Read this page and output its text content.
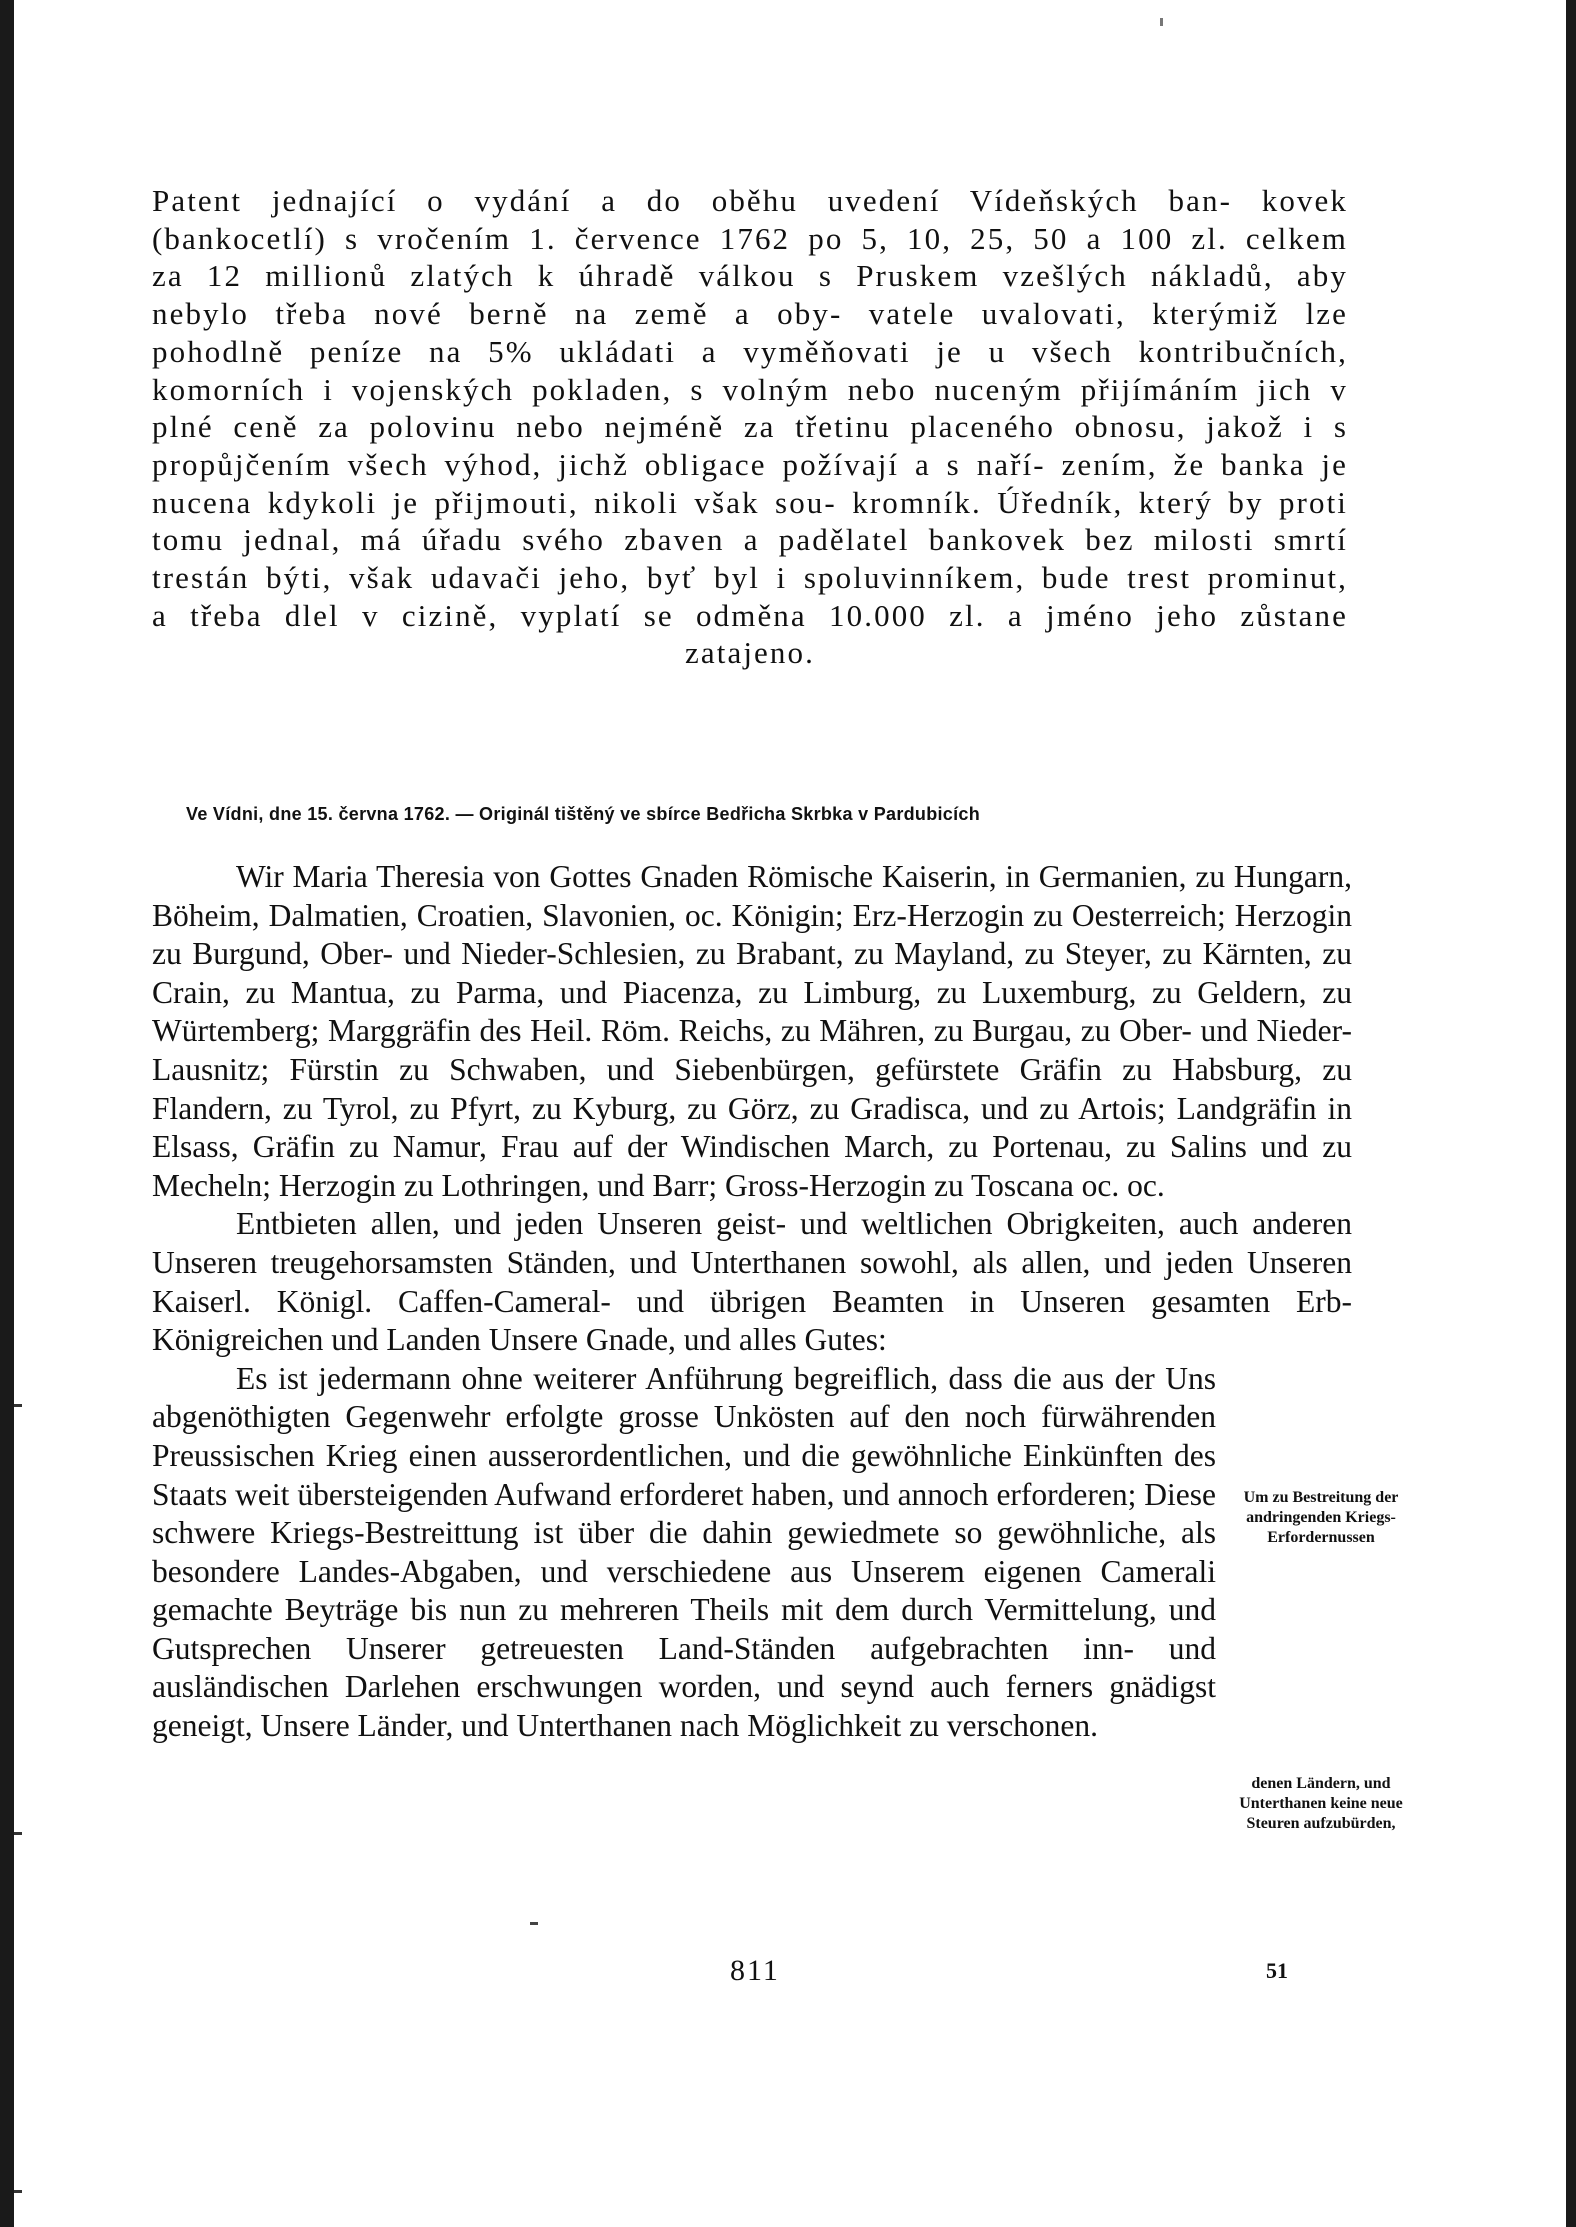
Patent jednající o vydání a do oběhu uvedení Vídeňských ban- kovek (bankocetlí) s vročením 1. července 1762 po 5, 10, 25, 50 a 100 zl. celkem za 12 millionů zlatých k úhradě válkou s Pruskem vzešlých nákladů, aby nebylo třeba nové berně na země a oby- vatele uvalovati, kterýmiž lze pohodlně peníze na 5% ukládati a vyměňovati je u všech kontribučních, komorních i vojenských pokladen, s volným nebo nuceným přijímáním jich v plné ceně za polovinu nebo nejméně za třetinu placeného obnosu, jakož i s propůjčením všech výhod, jichž obligace požívají a s naří- zením, že banka je nucena kdykoli je přijmouti, nikoli však sou- kromník. Úředník, který by proti tomu jednal, má úřadu svého zbaven a padělatel bankovek bez milosti smrtí trestán býti, však udavači jeho, byť byl i spoluvinníkem, bude trest prominut, a třeba dlel v cizině, vyplatí se odměna 10.000 zl. a jméno jeho zůstane zatajeno.

Ve Vídni, dne 15. června 1762. — Originál tištěný ve sbírce Bedřicha Skrbka v Pardubicích

Wir Maria Theresia von Gottes Gnaden Römische Kaiserin, in Germanien, zu Hungarn, Böheim, Dalmatien, Croatien, Slavonien, oc. Königin; Erz-Herzogin zu Oesterreich; Herzogin zu Burgund, Ober- und Nieder-Schlesien, zu Brabant, zu Mayland, zu Steyer, zu Kärnten, zu Crain, zu Mantua, zu Parma, und Piacenza, zu Limburg, zu Luxemburg, zu Geldern, zu Würtemberg; Marggräfin des Heil. Röm. Reichs, zu Mähren, zu Burgau, zu Ober- und Nieder-Lausnitz; Fürstin zu Schwaben, und Siebenbürgen, gefürstete Gräfin zu Habsburg, zu Flandern, zu Tyrol, zu Pfyrt, zu Kyburg, zu Görz, zu Gradisca, und zu Artois; Landgräfin in Elsass, Gräfin zu Namur, Frau auf der Windischen March, zu Portenau, zu Salins und zu Mecheln; Herzogin zu Lothringen, und Barr; Gross-Herzogin zu Toscana oc. oc.

Entbieten allen, und jeden Unseren geist- und weltlichen Obrigkeiten, auch anderen Unseren treugehorsamsten Ständen, und Unterthanen sowohl, als allen, und jeden Unseren Kaiserl. Königl. Caffen-Cameral- und übrigen Beamten in Unseren gesamten Erb-Königreichen und Landen Unsere Gnade, und alles Gutes:

Es ist jedermann ohne weiterer Anführung begreiflich, dass die aus der Uns abgenöthigten Gegenwehr erfolgte grosse Unkösten auf den noch fürwährenden Preussischen Krieg einen ausserordentlichen, und die gewöhnliche Einkünften des Staats weit übersteigenden Aufwand erforderet haben, und annoch erforderen; Diese schwere Kriegs-Bestreittung ist über die dahin gewiedmete so gewöhnliche, als besondere Landes-Abgaben, und verschiedene aus Unserem eigenen Camerali gemachte Beyträge bis nun zu mehreren Theils mit dem durch Vermittelung, und Gutsprechen Unserer getreuesten Land-Ständen aufgebrachten inn- und ausländischen Darlehen erschwungen worden, und seynd auch ferners gnädigst geneigt, Unsere Länder, und Unterthanen nach Möglichkeit zu verschonen.

Um zu Bestreitung der andringenden Kriegs-Erfordernussen
denen Ländern, und Unterthanen keine neue Steuren aufzubürden,
811	51
